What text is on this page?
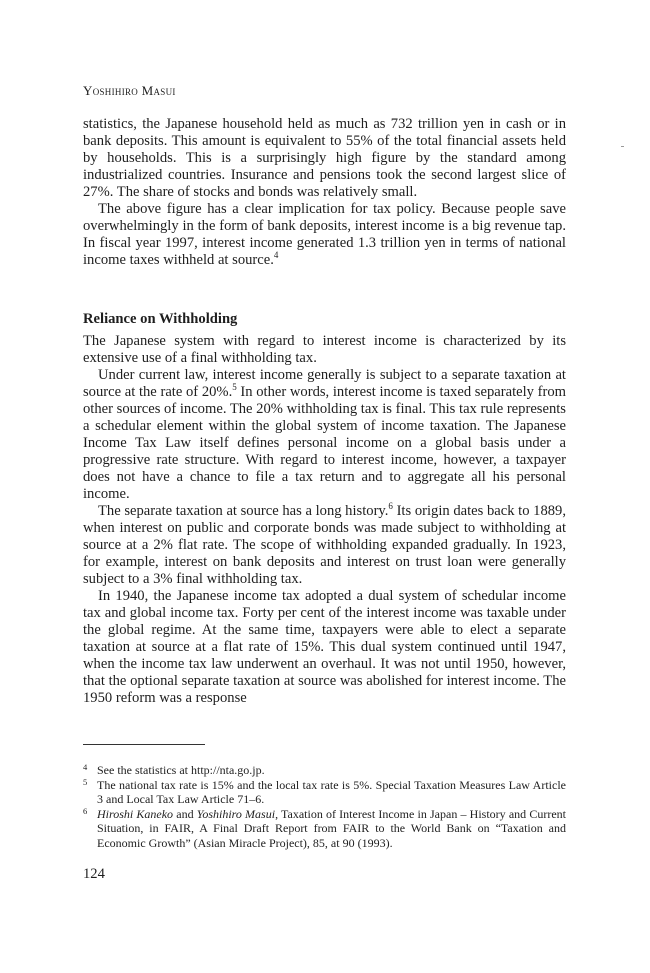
Yoshihiro Masui

statistics, the Japanese household held as much as 732 trillion yen in cash or in bank deposits. This amount is equivalent to 55% of the total financial assets held by households. This is a surprisingly high figure by the standard among industrialized countries. Insurance and pensions took the second largest slice of 27%. The share of stocks and bonds was relatively small.

The above figure has a clear implication for tax policy. Because people save overwhelmingly in the form of bank deposits, interest income is a big revenue tap. In fiscal year 1997, interest income generated 1.3 trillion yen in terms of national income taxes withheld at source.$^4$

Reliance on Withholding

The Japanese system with regard to interest income is characterized by its extensive use of a final withholding tax.

Under current law, interest income generally is subject to a separate taxation at source at the rate of 20%.$^5$ In other words, interest income is taxed separately from other sources of income. The 20% withholding tax is final. This tax rule represents a schedular element within the global system of income taxation. The Japanese Income Tax Law itself defines personal income on a global basis under a progressive rate structure. With regard to interest income, however, a taxpayer does not have a chance to file a tax return and to aggregate all his personal income.

The separate taxation at source has a long history.$^6$ Its origin dates back to 1889, when interest on public and corporate bonds was made subject to withholding at source at a 2% flat rate. The scope of withholding expanded gradually. In 1923, for example, interest on bank deposits and interest on trust loan were generally subject to a 3% final withholding tax.

In 1940, the Japanese income tax adopted a dual system of schedular income tax and global income tax. Forty per cent of the interest income was taxable under the global regime. At the same time, taxpayers were able to elect a separate taxation at source at a flat rate of 15%. This dual system continued until 1947, when the income tax law underwent an overhaul. It was not until 1950, however, that the optional separate taxation at source was abolished for interest income. The 1950 reform was a response

4 See the statistics at http://nta.go.jp.

5 The national tax rate is 15% and the local tax rate is 5%. Special Taxation Measures Law Article 3 and Local Tax Law Article 71–6.

6 Hiroshi Kaneko and Yoshihiro Masui, Taxation of Interest Income in Japan – History and Current Situation, in FAIR, A Final Draft Report from FAIR to the World Bank on “Taxation and Economic Growth” (Asian Miracle Project), 85, at 90 (1993).

124
